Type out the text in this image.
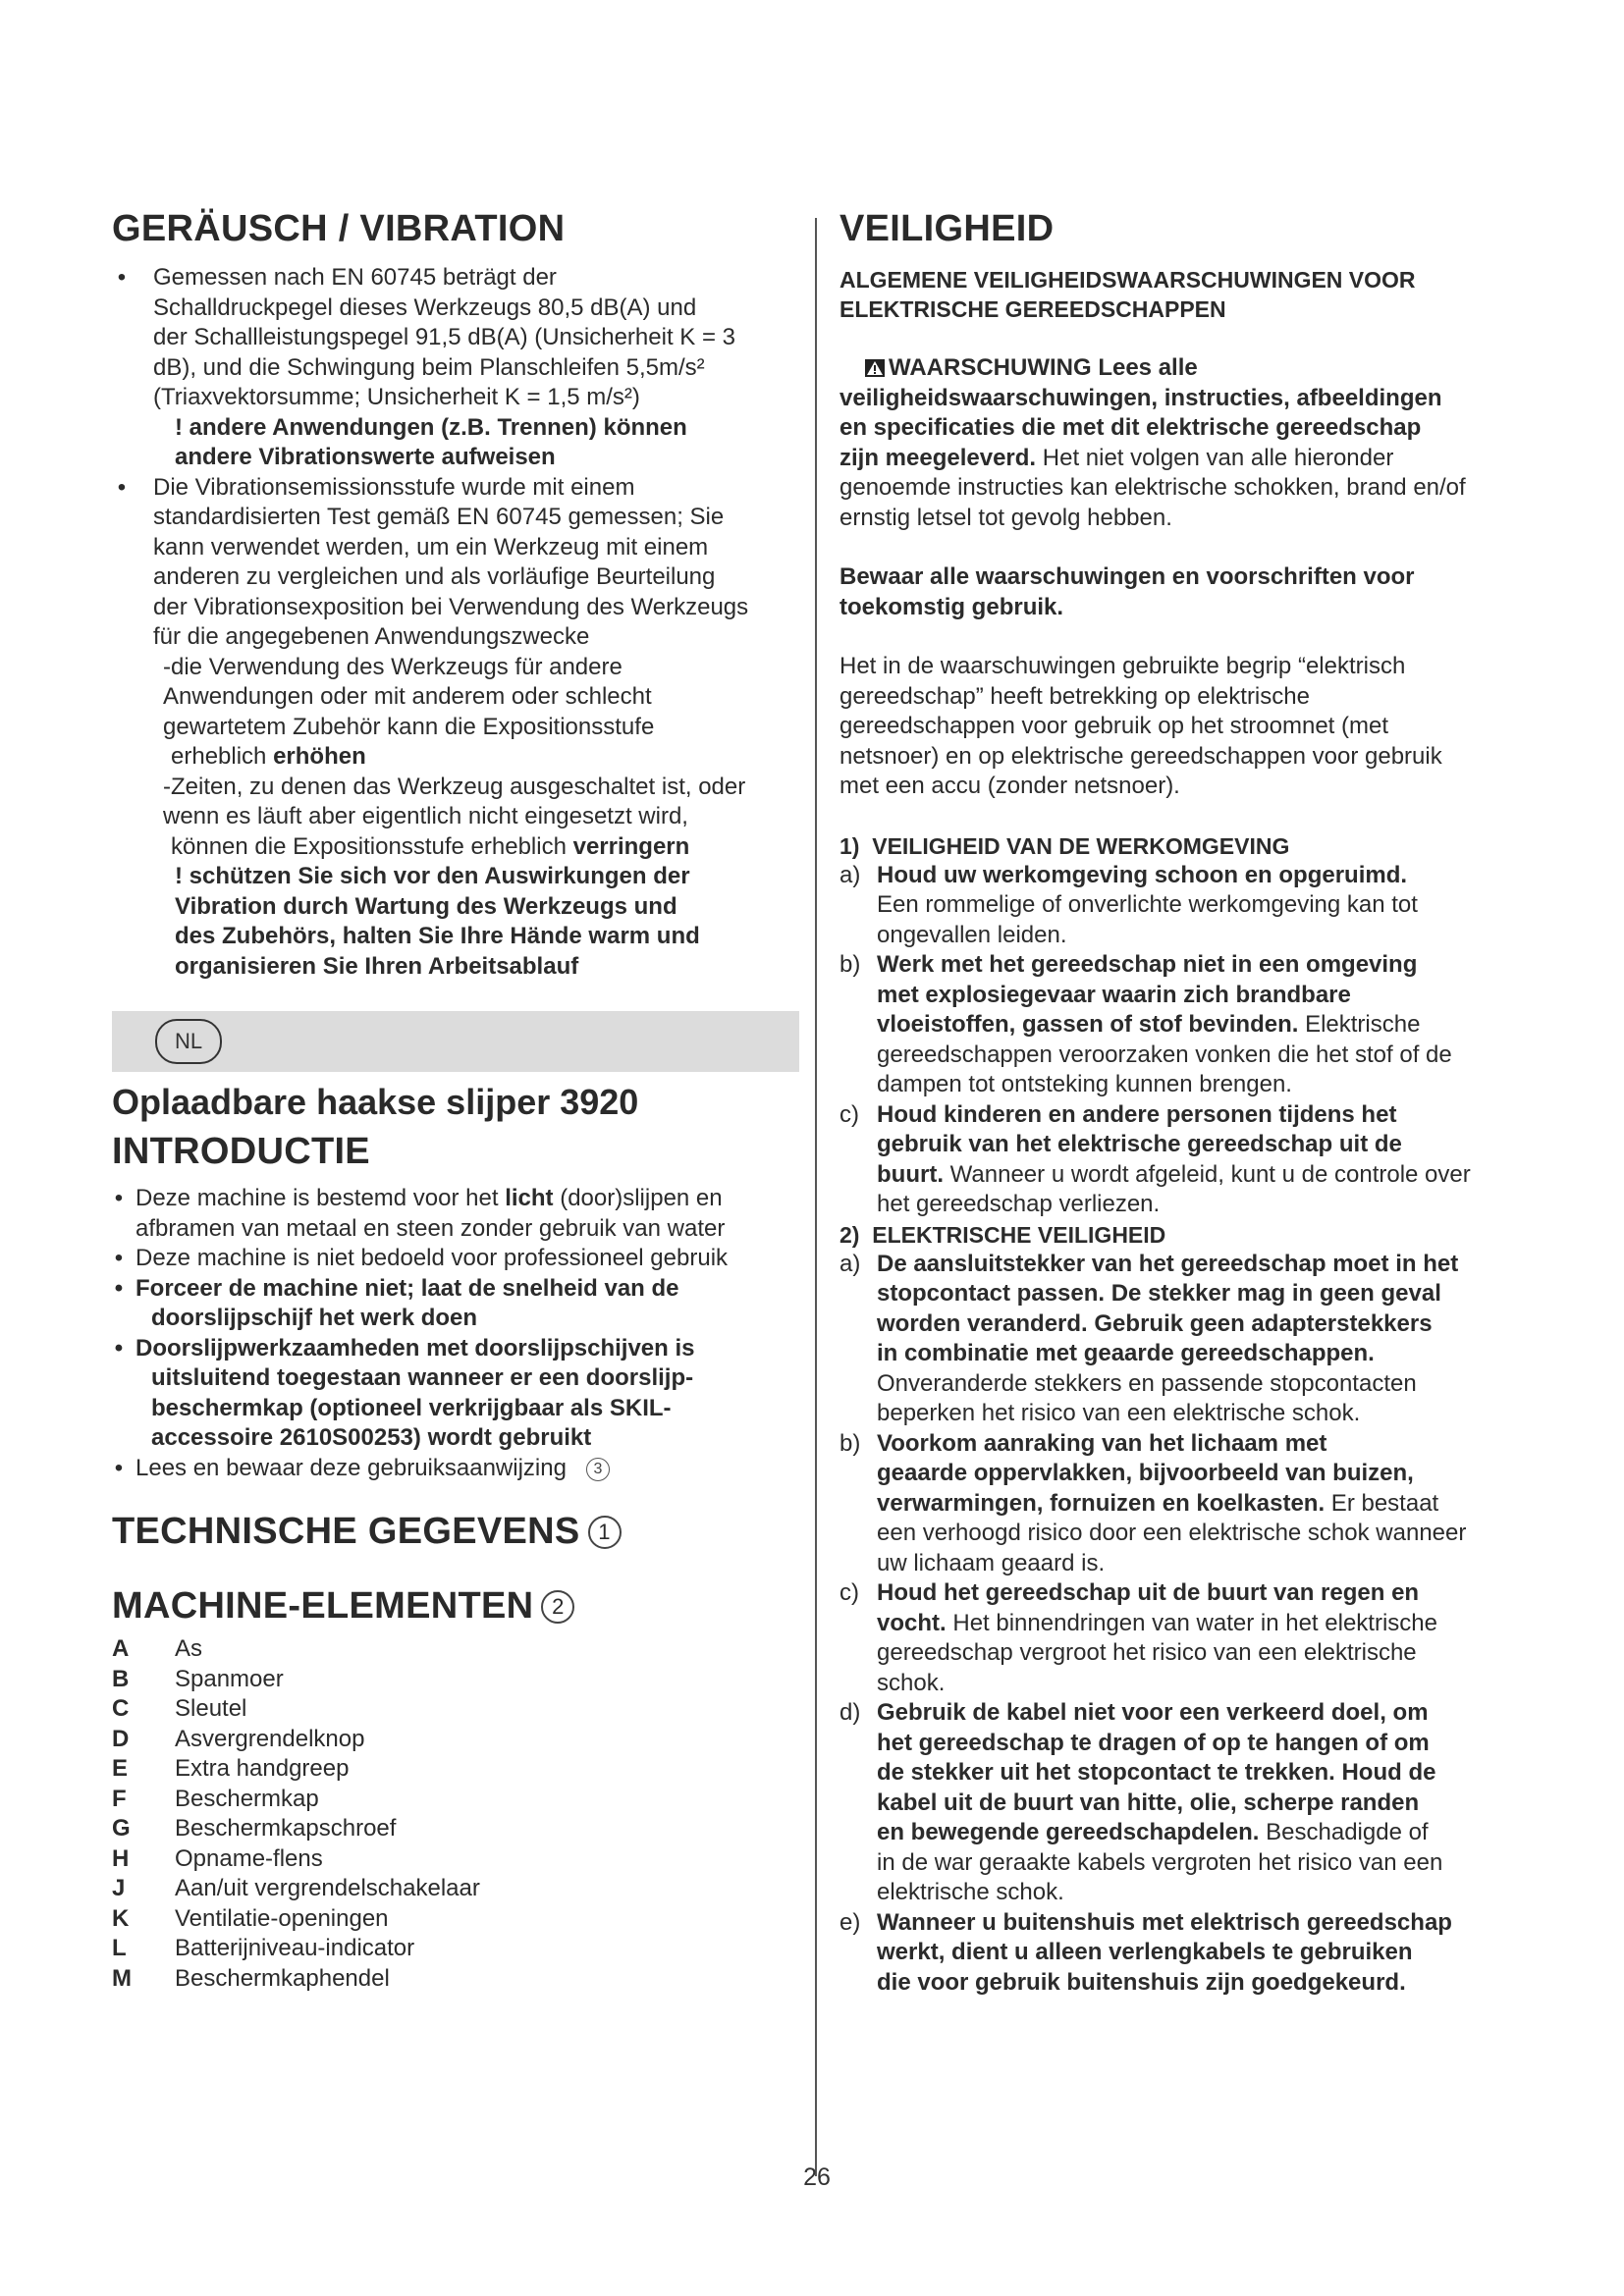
GERÄUSCH / VIBRATION
• Gemessen nach EN 60745 beträgt der
Schalldruckpegel dieses Werkzeugs 80,5 dB(A) und
der Schallleistungspegel 91,5 dB(A) (Unsicherheit K = 3
dB), und die Schwingung beim Planschleifen 5,5m/s²
(Triaxvektorsumme; Unsicherheit K = 1,5 m/s²)
! andere Anwendungen (z.B. Trennen) können
andere Vibrationswerte aufweisen
• Die Vibrationsemissionsstufe wurde mit einem
standardisierten Test gemäß EN 60745 gemessen; Sie
kann verwendet werden, um ein Werkzeug mit einem
anderen zu vergleichen und als vorläufige Beurteilung
der Vibrationsexposition bei Verwendung des Werkzeugs
für die angegebenen Anwendungszwecke
-die Verwendung des Werkzeugs für andere
Anwendungen oder mit anderem oder schlecht
gewartetem Zubehör kann die Expositionsstufe
erheblich erhöhen
-Zeiten, zu denen das Werkzeug ausgeschaltet ist, oder
wenn es läuft aber eigentlich nicht eingesetzt wird,
können die Expositionsstufe erheblich verringern
! schützen Sie sich vor den Auswirkungen der
Vibration durch Wartung des Werkzeugs und
des Zubehörs, halten Sie Ihre Hände warm und
organisieren Sie Ihren Arbeitsablauf
NL
Oplaadbare haakse slijper 3920
INTRODUCTIE
• Deze machine is bestemd voor het licht (door)slijpen en
afbramen van metaal en steen zonder gebruik van water
• Deze machine is niet bedoeld voor professioneel gebruik
• Forceer de machine niet; laat de snelheid van de
doorslijpschijf het werk doen
• Doorslijpwerkzaamheden met doorslijpschijven is
uitsluitend toegestaan wanneer er een doorslijp-
beschermkap (optioneel verkrijgbaar als SKIL-
accessoire 2610S00253) wordt gebruikt
• Lees en bewaar deze gebruiksaanwijzing 3
TECHNISCHE GEGEVENS 1
MACHINE-ELEMENTEN 2
A As
B Spanmoer
C Sleutel
D Asvergrendelknop
E Extra handgreep
F Beschermkap
G Beschermkapschroef
H Opname-flens
J Aan/uit vergrendelschakelaar
K Ventilatie-openingen
L Batterijniveau-indicator
M Beschermkaphendel
VEILIGHEID
ALGEMENE VEILIGHEIDSWAARSCHUWINGEN VOOR
ELEKTRISCHE GEREEDSCHAPPEN
WAARSCHUWING Lees alle
veiligheidswaarschuwingen, instructies, afbeeldingen
en specificaties die met dit elektrische gereedschap
zijn meegeleverd. Het niet volgen van alle hieronder
genoemde instructies kan elektrische schokken, brand en/of
ernstig letsel tot gevolg hebben.
Bewaar alle waarschuwingen en voorschriften voor
toekomstig gebruik.
Het in de waarschuwingen gebruikte begrip “elektrisch
gereedschap” heeft betrekking op elektrische
gereedschappen voor gebruik op het stroomnet (met
netsnoer) en op elektrische gereedschappen voor gebruik
met een accu (zonder netsnoer).
1) VEILIGHEID VAN DE WERKOMGEVING
a) Houd uw werkomgeving schoon en opgeruimd.
Een rommelige of onverlichte werkomgeving kan tot
ongevallen leiden.
b) Werk met het gereedschap niet in een omgeving
met explosiegevaar waarin zich brandbare
vloeistoffen, gassen of stof bevinden. Elektrische
gereedschappen veroorzaken vonken die het stof of de
dampen tot ontsteking kunnen brengen.
c) Houd kinderen en andere personen tijdens het
gebruik van het elektrische gereedschap uit de
buurt. Wanneer u wordt afgeleid, kunt u de controle over
het gereedschap verliezen.
2) ELEKTRISCHE VEILIGHEID
a) De aansluitstekker van het gereedschap moet in het
stopcontact passen. De stekker mag in geen geval
worden veranderd. Gebruik geen adapterstekkers
in combinatie met geaarde gereedschappen.
Onveranderde stekkers en passende stopcontacten
beperken het risico van een elektrische schok.
b) Voorkom aanraking van het lichaam met
geaarde oppervlakken, bijvoorbeeld van buizen,
verwarmingen, fornuizen en koelkasten. Er bestaat
een verhoogd risico door een elektrische schok wanneer
uw lichaam geaard is.
c) Houd het gereedschap uit de buurt van regen en
vocht. Het binnendringen van water in het elektrische
gereedschap vergroot het risico van een elektrische
schok.
d) Gebruik de kabel niet voor een verkeerd doel, om
het gereedschap te dragen of op te hangen of om
de stekker uit het stopcontact te trekken. Houd de
kabel uit de buurt van hitte, olie, scherpe randen
en bewegende gereedschapdelen. Beschadigde of
in de war geraakte kabels vergroten het risico van een
elektrische schok.
e) Wanneer u buitenshuis met elektrisch gereedschap
werkt, dient u alleen verlengkabels te gebruiken
die voor gebruik buitenshuis zijn goedgekeurd.
26
